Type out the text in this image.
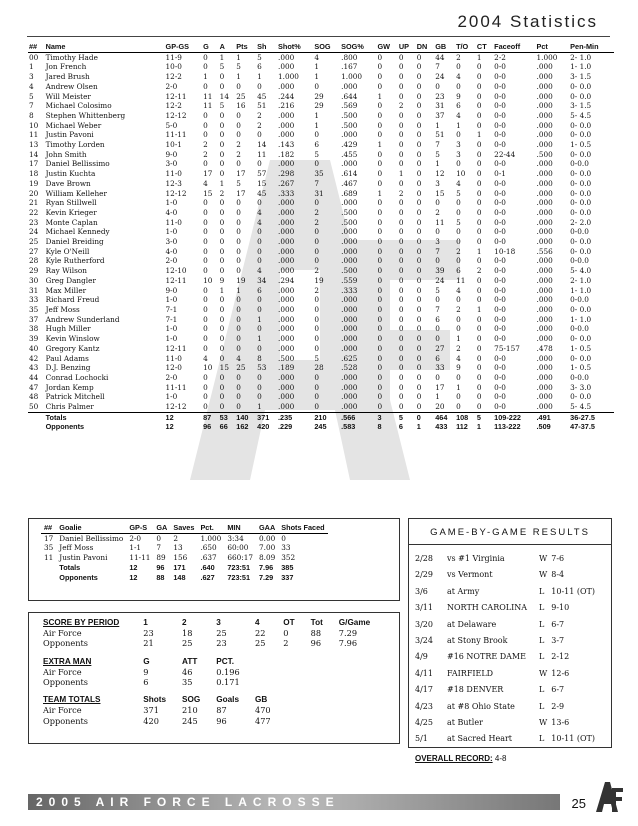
2004 Statistics
##	Name	GP-GS	G	A	Pts	Sh	Shot%	SOG	SOG%	GW	UP	DN	GB	T/O	CT	Faceoff	Pct	Pen-Min
00	Timothy Hade	11-9	0	1	1	5	.000	4	.800	0	0	0	44	2	1	2-2	1.000	2- 1.0
1	Jon French	10-0	0	5	5	6	.000	1	.167	0	0	0	7	0	0	0-0	.000	1- 1.0
3	Jared Brush	12-2	1	0	1	1	1.000	1	1.000	0	0	0	24	4	0	0-0	.000	3- 1.5
4	Andrew Olsen	2-0	0	0	0	0	.000	0	.000	0	0	0	0	0	0	0-0	.000	0- 0.0
5	Will Meister	12-11	11	14	25	45	.244	29	.644	1	0	0	23	9	0	0-0	.000	0- 0.0
7	Michael Colosimo	12-2	11	5	16	51	.216	29	.569	0	2	0	31	6	0	0-0	.000	3- 1.5
8	Stephen Whittenberg	12-12	0	0	0	2	.000	1	.500	0	0	0	37	4	0	0-0	.000	5- 4.5
10	Michael Weber	5-0	0	0	0	2	.000	1	.500	0	0	0	1	1	0	0-0	.000	0- 0.0
11	Justin Pavoni	11-11	0	0	0	0	.000	0	.000	0	0	0	51	0	1	0-0	.000	0- 0.0
13	Timothy Lorden	10-1	2	0	2	14	.143	6	.429	1	0	0	7	3	0	0-0	.000	1- 0.5
14	John Smith	9-0	2	0	2	11	.182	5	.455	0	0	0	5	3	0	22-44	.500	0- 0.0
17	Daniel Bellissimo	3-0	0	0	0	0	.000	0	.000	0	0	0	1	0	0	0-0	.000	0-0.0
18	Justin Kuchta	11-0	17	0	17	57	.298	35	.614	0	1	0	12	10	0	0-1	.000	0- 0.0
19	Dave Brown	12-3	4	1	5	15	.267	7	.467	0	0	0	3	4	0	0-0	.000	0- 0.0
20	William Kelleher	12-12	15	2	17	45	.333	31	.689	1	2	0	15	5	0	0-0	.000	0- 0.0
21	Ryan Stillwell	1-0	0	0	0	0	.000	0	.000	0	0	0	0	0	0	0-0	.000	0- 0.0
22	Kevin Krieger	4-0	0	0	0	4	.000	2	.500	0	0	0	2	0	0	0-0	.000	0- 0.0
23	Monte Caplan	11-0	0	0	0	4	.000	2	.500	0	0	0	11	5	0	0-0	.000	2- 2.0
24	Michael Kennedy	1-0	0	0	0	0	.000	0	.000	0	0	0	0	0	0	0-0	.000	0-0.0
25	Daniel Breiding	3-0	0	0	0	0	.000	0	.000	0	0	0	3	0	0	0-0	.000	0- 0.0
27	Kyle O'Neill	4-0	0	0	0	0	.000	0	.000	0	0	0	7	2	1	10-18	.556	0- 0.0
28	Kyle Rutherford	2-0	0	0	0	0	.000	0	.000	0	0	0	0	0	0	0-0	.000	0-0.0
29	Ray Wilson	12-10	0	0	0	4	.000	2	.500	0	0	0	39	6	2	0-0	.000	5- 4.0
30	Greg Dangler	12-11	10	9	19	34	.294	19	.559	0	0	0	24	11	0	0-0	.000	2- 1.0
31	Max Miller	9-0	0	1	1	6	.000	2	.333	0	0	0	5	4	0	0-0	.000	1- 1.0
33	Richard Freud	1-0	0	0	0	0	.000	0	.000	0	0	0	0	0	0	0-0	.000	0-0.0
35	Jeff Moss	7-1	0	0	0	0	.000	0	.000	0	0	0	7	2	1	0-0	.000	0- 0.0
37	Andrew Sunderland	7-1	0	0	0	1	.000	0	.000	0	0	0	6	0	0	0-0	.000	1- 1.0
38	Hugh Miller	1-0	0	0	0	0	.000	0	.000	0	0	0	0	0	0	0-0	.000	0-0.0
39	Kevin Winslow	1-0	0	0	0	1	.000	0	.000	0	0	0	0	1	0	0-0	.000	0- 0.0
40	Gregory Kantz	12-11	0	0	0	0	.000	0	.000	0	0	0	27	2	0	75-157	.478	1- 0.5
42	Paul Adams	11-0	4	0	4	8	.500	5	.625	0	0	0	6	4	0	0-0	.000	0- 0.0
43	D.J. Benzing	12-0	10	15	25	53	.189	28	.528	0	0	0	33	9	0	0-0	.000	1- 0.5
44	Conrad Lochocki	2-0	0	0	0	0	.000	0	.000	0	0	0	0	0	0	0-0	.000	0-0.0
47	Jordan Kemp	11-11	0	0	0	0	.000	0	.000	0	0	0	17	1	0	0-0	.000	3- 3.0
48	Patrick Mitchell	1-0	0	0	0	0	.000	0	.000	0	0	0	1	0	0	0-0	.000	0- 0.0
50	Chris Palmer	12-12	0	0	0	1	.000	0	.000	0	0	0	20	0	0	0-0	.000	5- 4.5
	Totals	12	87	53	140	371	.235	210	.566	3	5	0	464	108	5	109-222	.491	36-27.5
	Opponents	12	96	66	162	420	.229	245	.583	8	6	1	433	112	1	113-222	.509	47-37.5
##	Goalie	GP-S	GA	Saves	Pct.	MIN	GAA	Shots Faced
17	Daniel Bellissimo	2-0	0	2	1.000	3:34	0.00	0
35	Jeff Moss	1-1	7	13	.650	60:00	7.00	33
11	Justin Pavoni	11-11	89	156	.637	660:17	8.09	352
	Totals	12	96	171	.640	723:51	7.96	385
	Opponents	12	88	148	.627	723:51	7.29	337
SCORE BY PERIOD	1	2	3	4	OT	Tot	G/Game
Air Force	23	18	25	22	0	88	7.29
Opponents	21	25	23	25	2	96	7.96

EXTRA MAN	G	ATT	PCT.				
Air Force	9	46	0.196				
Opponents	6	35	0.171				

TEAM TOTALS	Shots	SOG	Goals	GB			
Air Force	371	210	87	470			
Opponents	420	245	96	477			
GAME-BY-GAME RESULTS
2/28	vs #1 Virginia	W	7-6
2/29	vs Vermont	W	8-4
3/6	at Army	L	10-11 (OT)
3/11	NORTH CAROLINA	L	9-10
3/20	at Delaware	L	6-7
3/24	at Stony Brook	L	3-7
4/9	#16 NOTRE DAME	L	2-12
4/11	FAIRFIELD	W	12-6
4/17	#18 DENVER	L	6-7
4/23	at #8 Ohio State	L	2-9
4/25	at Butler	W	13-6
5/1	at Sacred Heart	L	10-11 (OT)
OVERALL RECORD: 4-8
2005 AIR FORCE LACROSSE	25
